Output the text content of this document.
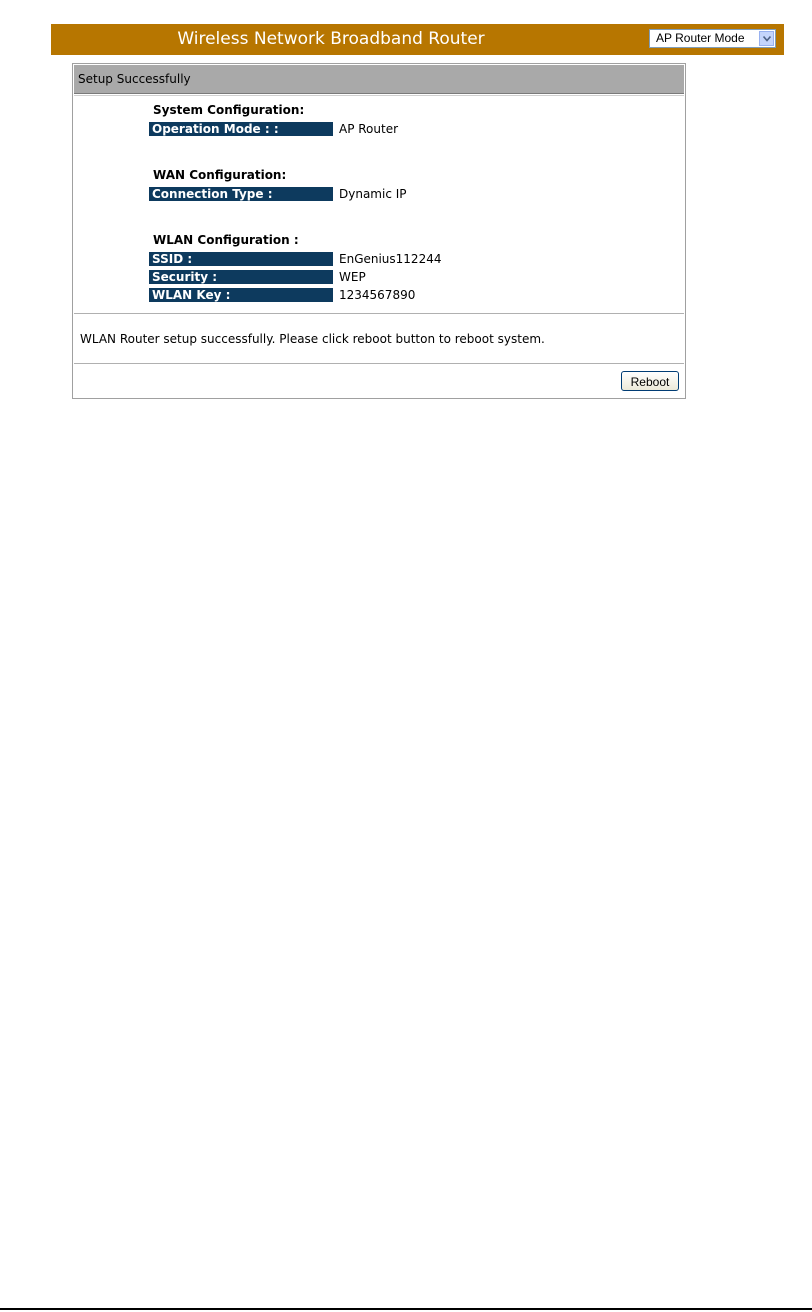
Wireless Network Broadband Router	AP Router Mode
Setup Successfully
System Configuration:
Operation Mode : :	AP Router
WAN Configuration:
Connection Type :	Dynamic IP
WLAN Configuration :
SSID :	EnGenius112244
Security :	WEP
WLAN Key :	1234567890
WLAN Router setup successfully. Please click reboot button to reboot system.
Reboot
